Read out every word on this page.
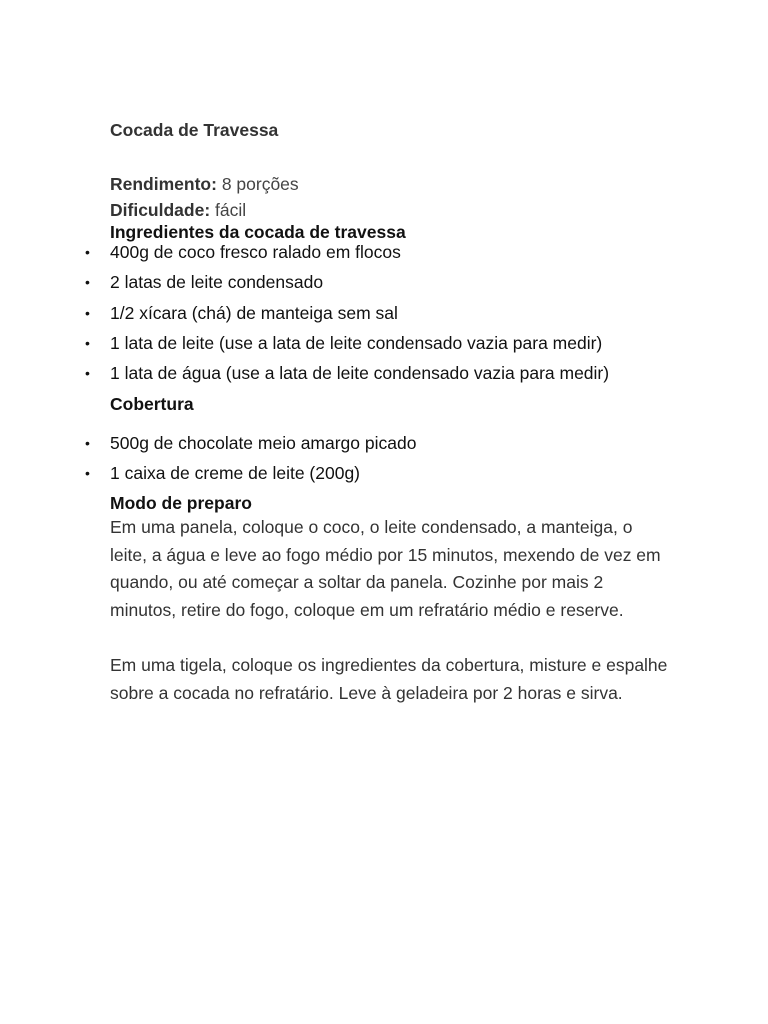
Cocada de Travessa
Rendimento: 8 porções
Dificuldade: fácil
Ingredientes da cocada de travessa
• 400g de coco fresco ralado em flocos
• 2 latas de leite condensado
• 1/2 xícara (chá) de manteiga sem sal
• 1 lata de leite (use a lata de leite condensado vazia para medir)
• 1 lata de água (use a lata de leite condensado vazia para medir)
Cobertura
• 500g de chocolate meio amargo picado
• 1 caixa de creme de leite (200g)
Modo de preparo

Em uma panela, coloque o coco, o leite condensado, a manteiga, o leite, a água e leve ao fogo médio por 15 minutos, mexendo de vez em quando, ou até começar a soltar da panela. Cozinhe por mais 2 minutos, retire do fogo, coloque em um refratário médio e reserve.

Em uma tigela, coloque os ingredientes da cobertura, misture e espalhe sobre a cocada no refratário. Leve à geladeira por 2 horas e sirva.
